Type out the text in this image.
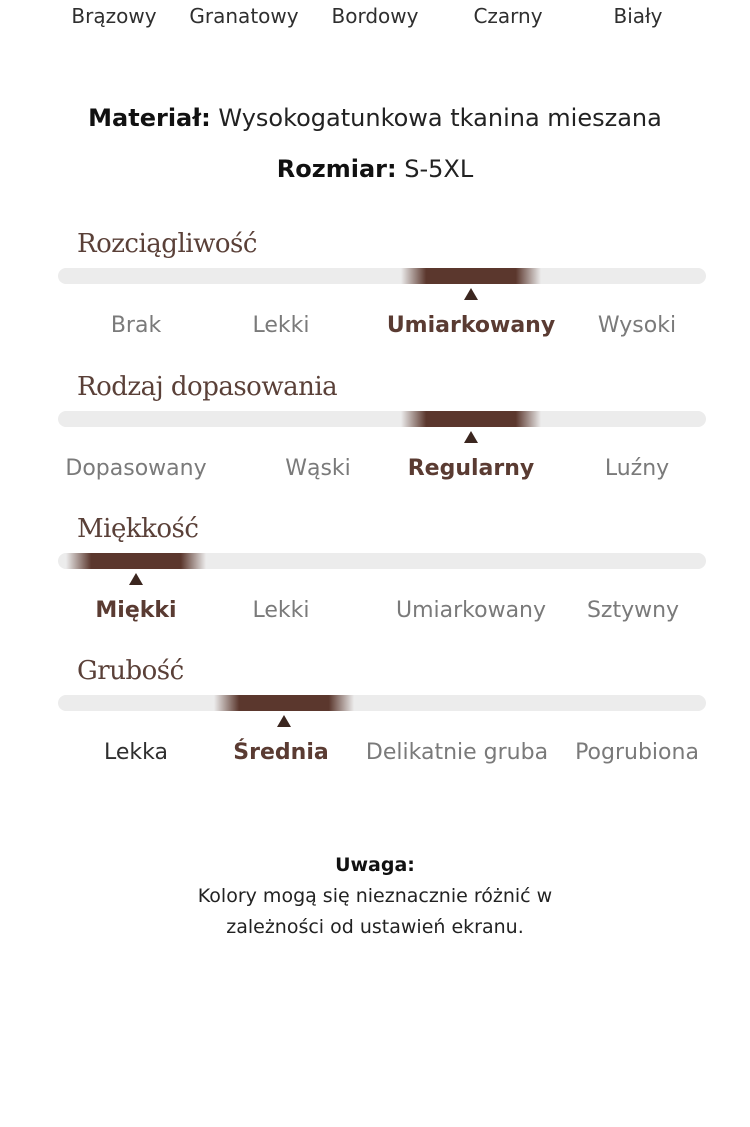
Brązowy Granatowy Bordowy	Czarny	Biały
Materiał: Wysokogatunkowa tkanina mieszana
Rozmiar: S-5XL
Rozciągliwość
Brak	Lekki	Umiarkowany Wysoki
Rodzaj dopasowania
Dopasowany	Wąski	Regularny	Luźny
Miękkość
Miękki	Lekki	Umiarkowany Sztywny
Grubość
Lekka	Średnia Delikatnie gruba Pogrubiona
Uwaga:
Kolory mogą się nieznacznie różnić w
zależności od ustawień ekranu.
